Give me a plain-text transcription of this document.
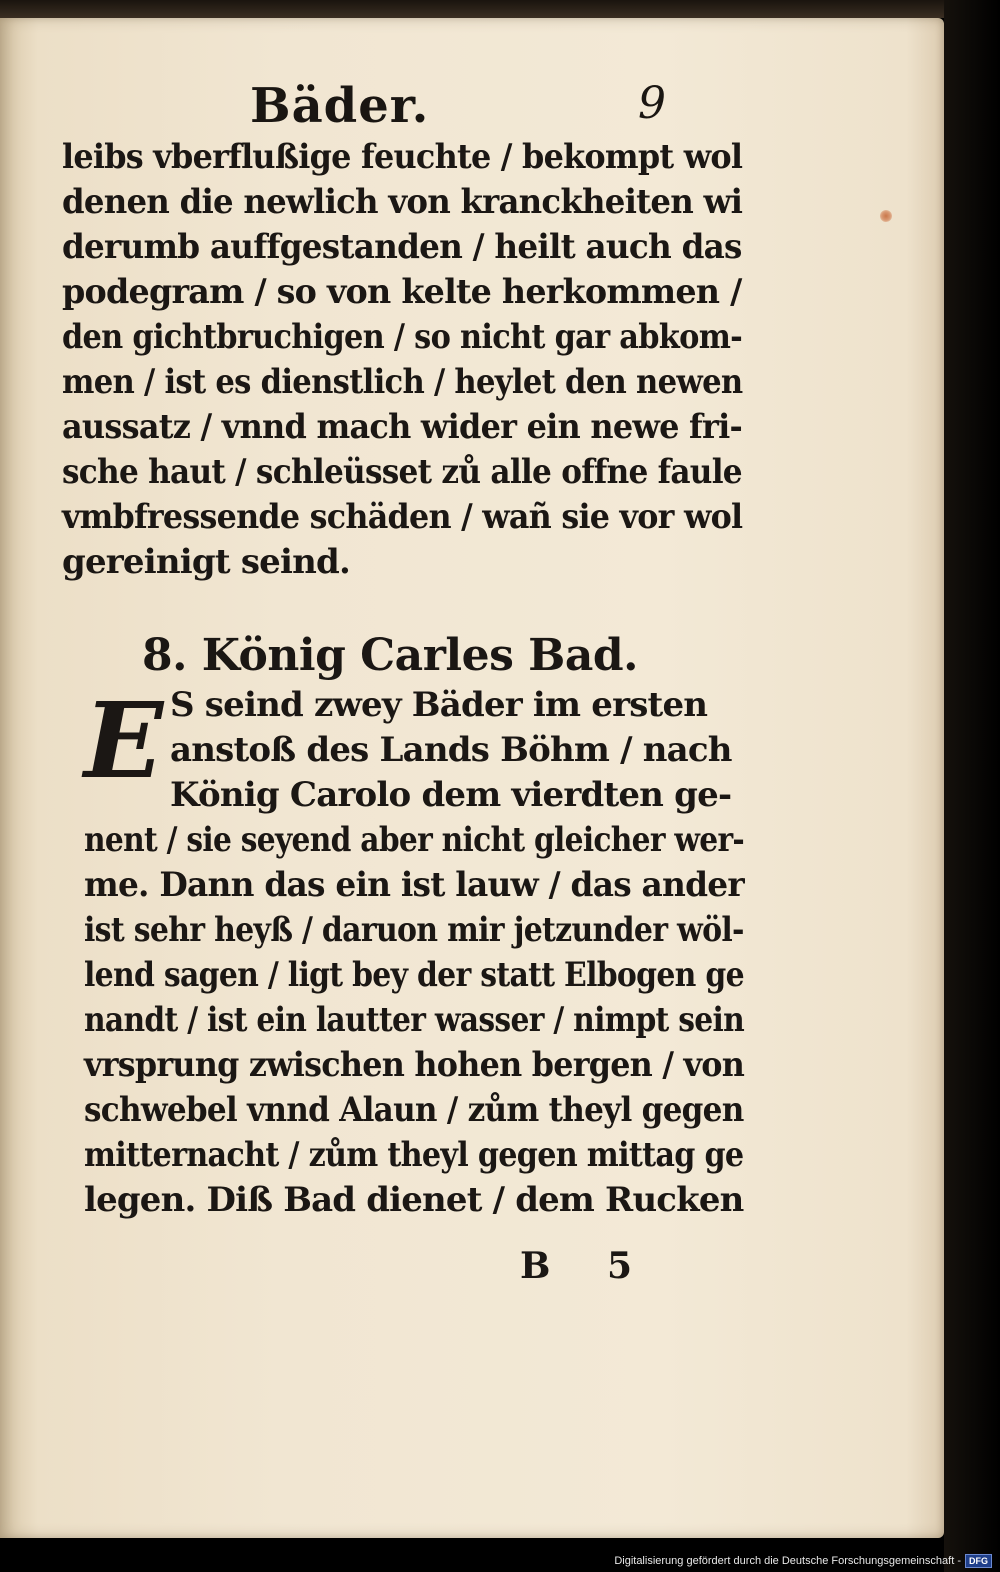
Bäder.	9
leibs vberflußige feuchte / bekompt wol
denen die newlich von kranckheiten wi
derumb auffgestanden / heilt auch das
podegram / so von kelte herkommen /
den gichtbruchigen / so nicht gar abkom-
men / ist es dienstlich / heylet den newen
aussatz / vnnd mach wider ein newe fri-
sche haut / schleüsset zů alle offne faule
vmbfressende schäden / wañ sie vor wol
gereinigt seind.
8. König Carles Bad.
E S seind zwey Bäder im ersten
anstoß des Lands Böhm / nach
König Carolo dem vierdten ge-
nent / sie seyend aber nicht gleicher wer-
me. Dann das ein ist lauw / das ander
ist sehr heyß / daruon mir jetzunder wöl-
lend sagen / ligt bey der statt Elbogen ge
nandt / ist ein lautter wasser / nimpt sein
vrsprung zwischen hohen bergen / von
schwebel vnnd Alaun / zům theyl gegen
mitternacht / zům theyl gegen mittag ge
legen. Diß Bad dienet / dem Rucken
B 5
Digitalisierung gefördert durch die Deutsche Forschungsgemeinschaft - DFG
